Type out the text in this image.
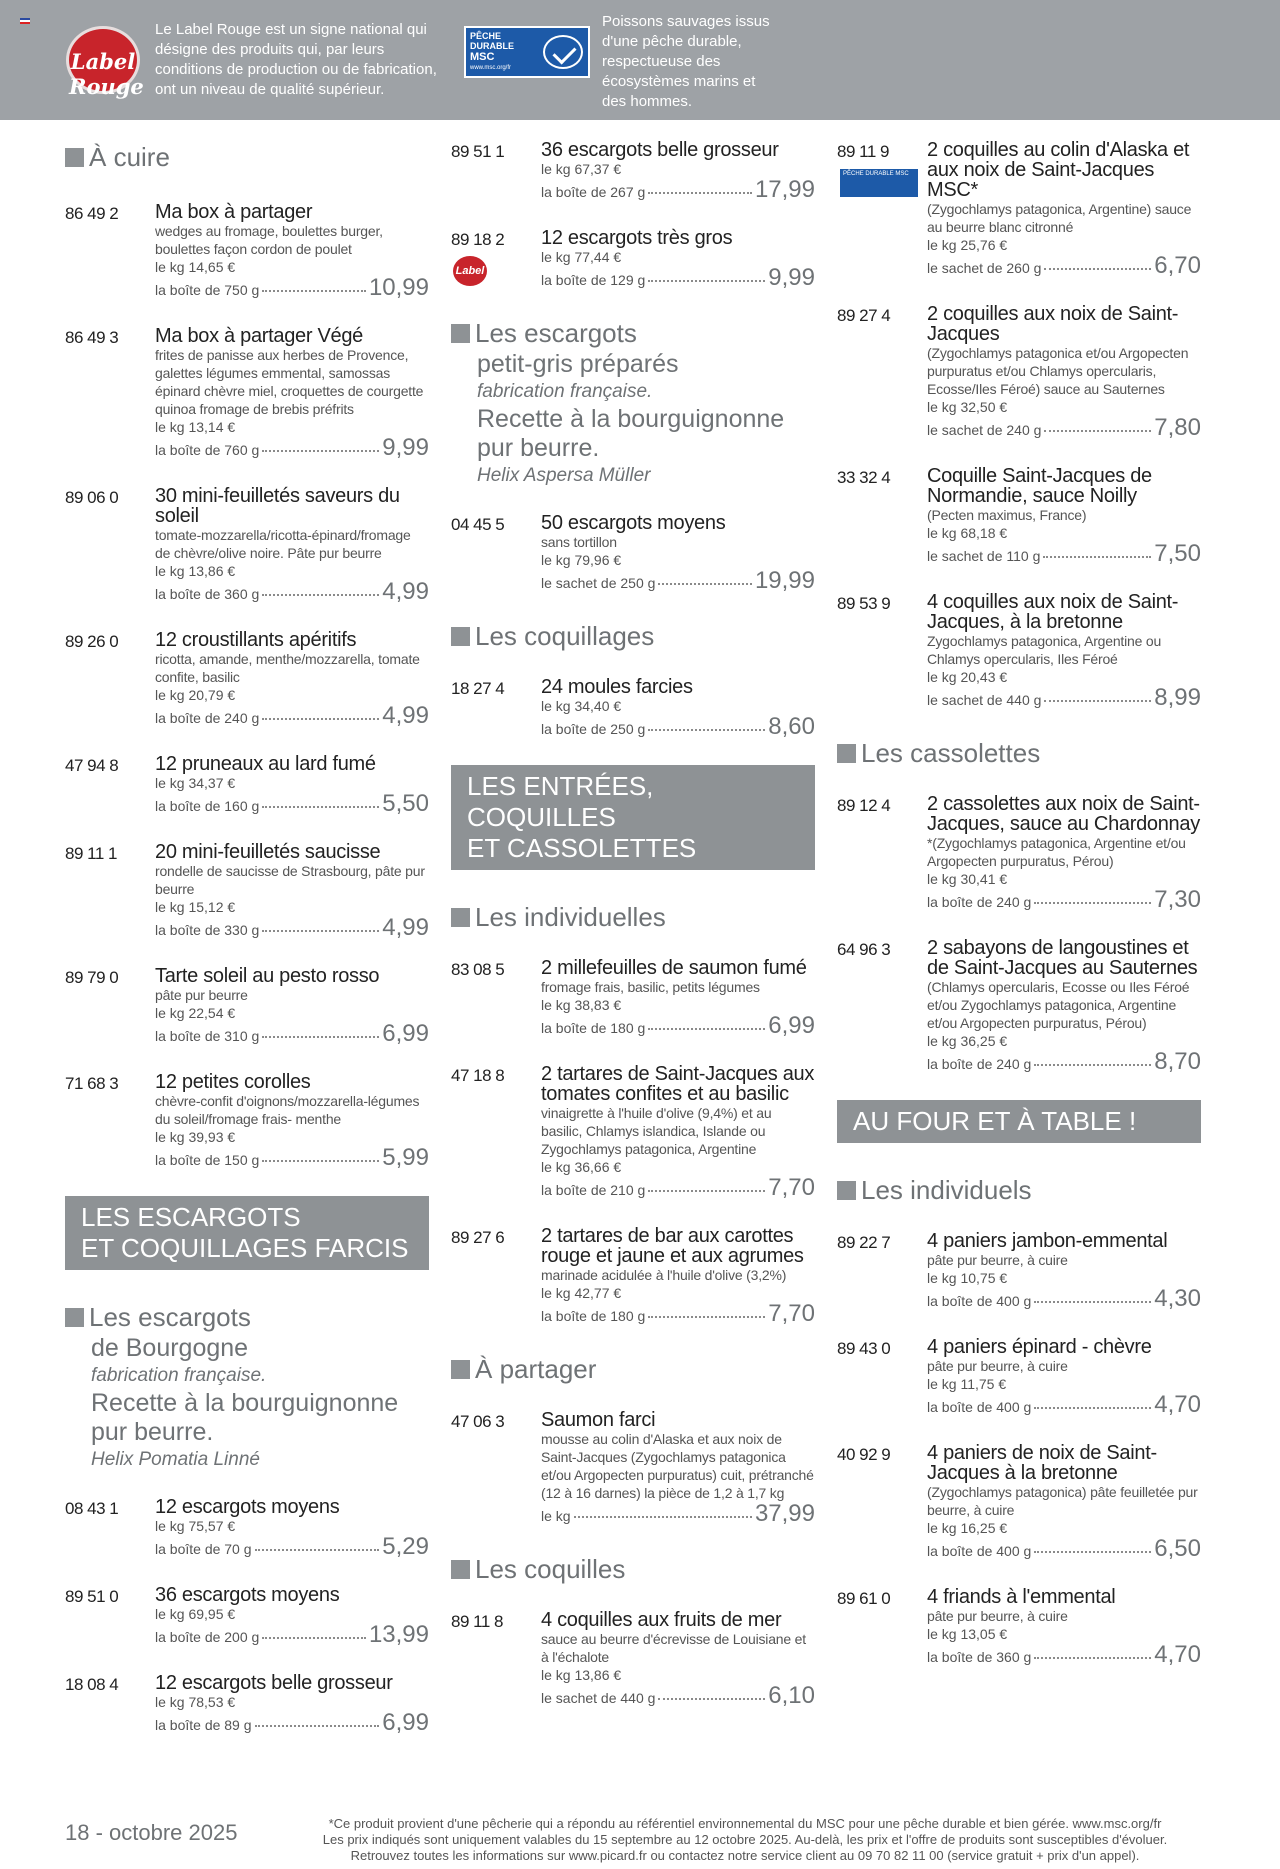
Label Rouge
Le Label Rouge est un signe national qui désigne des produits qui, par leurs conditions de production ou de fabrication, ont un niveau de qualité supérieur.
PÊCHE
DURABLE
MSC
www.msc.org/fr
Poissons sauvages issus d'une pêche durable, respectueuse des écosystèmes marins et des hommes.
À cuire
86 49 2	Ma box à partager
wedges au fromage, boulettes burger, boulettes façon cordon de poulet
le kg 14,65 €
la boîte de 750 g	10,99
86 49 3	Ma box à partager Végé
frites de panisse aux herbes de Provence, galettes légumes emmental, samossas épinard chèvre miel, croquettes de courgette quinoa fromage de brebis préfrits
le kg 13,14 €
la boîte de 760 g	9,99
89 06 0	30 mini-feuilletés saveurs du soleil
tomate-mozzarella/ricotta-épinard/fromage de chèvre/olive noire. Pâte pur beurre
le kg 13,86 €
la boîte de 360 g	4,99
89 26 0	12 croustillants apéritifs
ricotta, amande, menthe/mozzarella, tomate confite, basilic
le kg 20,79 €
la boîte de 240 g	4,99
47 94 8	12 pruneaux au lard fumé
le kg 34,37 €
la boîte de 160 g	5,50
89 11 1	20 mini-feuilletés saucisse
rondelle de saucisse de Strasbourg, pâte pur beurre
le kg 15,12 €
la boîte de 330 g	4,99
89 79 0	Tarte soleil au pesto rosso
pâte pur beurre
le kg 22,54 €
la boîte de 310 g	6,99
71 68 3	12 petites corolles
chèvre-confit d'oignons/mozzarella-légumes du soleil/fromage frais- menthe
le kg 39,93 €
la boîte de 150 g	5,99
LES ESCARGOTS
ET COQUILLAGES FARCIS
Les escargots
de Bourgogne
fabrication française.
Recette à la bourguignonne
pur beurre.
Helix Pomatia Linné
08 43 1	12 escargots moyens
le kg 75,57 €
la boîte de 70 g	5,29
89 51 0	36 escargots moyens
le kg 69,95 €
la boîte de 200 g	13,99
18 08 4	12 escargots belle grosseur
le kg 78,53 €
la boîte de 89 g	6,99
89 51 1	36 escargots belle grosseur
le kg 67,37 €
la boîte de 267 g	17,99
89 18 2
Label Rouge
12 escargots très gros
le kg 77,44 €
la boîte de 129 g	9,99
Les escargots
petit-gris préparés
fabrication française.
Recette à la bourguignonne
pur beurre.
Helix Aspersa Müller
04 45 5	50 escargots moyens
sans tortillon
le kg 79,96 €
le sachet de 250 g	19,99
Les coquillages
18 27 4	24 moules farcies
le kg 34,40 €
la boîte de 250 g	8,60
LES ENTRÉES, COQUILLES
ET CASSOLETTES
Les individuelles
83 08 5	2 millefeuilles de saumon fumé
fromage frais, basilic, petits légumes
le kg 38,83 €
la boîte de 180 g	6,99
47 18 8	2 tartares de Saint-Jacques aux tomates confites et au basilic
vinaigrette à l'huile d'olive (9,4%) et au basilic, Chlamys islandica, Islande ou Zygochlamys patagonica, Argentine
le kg 36,66 €
la boîte de 210 g	7,70
89 27 6	2 tartares de bar aux carottes rouge et jaune et aux agrumes
marinade acidulée à l'huile d'olive (3,2%)
le kg 42,77 €
la boîte de 180 g	7,70
À partager
47 06 3	Saumon farci
mousse au colin d'Alaska et aux noix de Saint-Jacques (Zygochlamys patagonica et/ou Argopecten purpuratus) cuit, prétranché (12 à 16 darnes) la pièce de 1,2 à 1,7 kg
le kg	37,99
Les coquilles
89 11 8	4 coquilles aux fruits de mer
sauce au beurre d'écrevisse de Louisiane et à l'échalote
le kg 13,86 €
le sachet de 440 g	6,10
89 11 9
PÊCHE DURABLE MSC
2 coquilles au colin d'Alaska et aux noix de Saint-Jacques MSC*
(Zygochlamys patagonica, Argentine) sauce au beurre blanc citronné
le kg 25,76 €
le sachet de 260 g	6,70
89 27 4	2 coquilles aux noix de Saint-Jacques
(Zygochlamys patagonica et/ou Argopecten purpuratus et/ou Chlamys opercularis, Ecosse/Iles Féroé) sauce au Sauternes
le kg 32,50 €
le sachet de 240 g	7,80
33 32 4	Coquille Saint-Jacques de Normandie, sauce Noilly
(Pecten maximus, France)
le kg 68,18 €
le sachet de 110 g	7,50
89 53 9	4 coquilles aux noix de Saint-Jacques, à la bretonne
Zygochlamys patagonica, Argentine ou Chlamys opercularis, Iles Féroé
le kg 20,43 €
le sachet de 440 g	8,99
Les cassolettes
89 12 4	2 cassolettes aux noix de Saint-Jacques, sauce au Chardonnay
*(Zygochlamys patagonica, Argentine et/ou Argopecten purpuratus, Pérou)
le kg 30,41 €
la boîte de 240 g	7,30
64 96 3	2 sabayons de langoustines et de Saint-Jacques au Sauternes
(Chlamys opercularis, Ecosse ou Iles Féroé et/ou Zygochlamys patagonica, Argentine et/ou Argopecten purpuratus, Pérou)
le kg 36,25 €
la boîte de 240 g	8,70
AU FOUR ET À TABLE !
Les individuels
89 22 7	4 paniers jambon-emmental
pâte pur beurre, à cuire
le kg 10,75 €
la boîte de 400 g	4,30
89 43 0	4 paniers épinard - chèvre
pâte pur beurre, à cuire
le kg 11,75 €
la boîte de 400 g	4,70
40 92 9	4 paniers de noix de Saint-Jacques à la bretonne
(Zygochlamys patagonica) pâte feuilletée pur beurre, à cuire
le kg 16,25 €
la boîte de 400 g	6,50
89 61 0	4 friands à l'emmental
pâte pur beurre, à cuire
le kg 13,05 €
la boîte de 360 g	4,70
18 - octobre 2025	*Ce produit provient d'une pêcherie qui a répondu au référentiel environnemental du MSC pour une pêche durable et bien gérée. www.msc.org/fr
Les prix indiqués sont uniquement valables du 15 septembre au 12 octobre 2025. Au-delà, les prix et l'offre de produits sont susceptibles d'évoluer.
Retrouvez toutes les informations sur www.picard.fr ou contactez notre service client au 09 70 82 11 00 (service gratuit + prix d'un appel).
